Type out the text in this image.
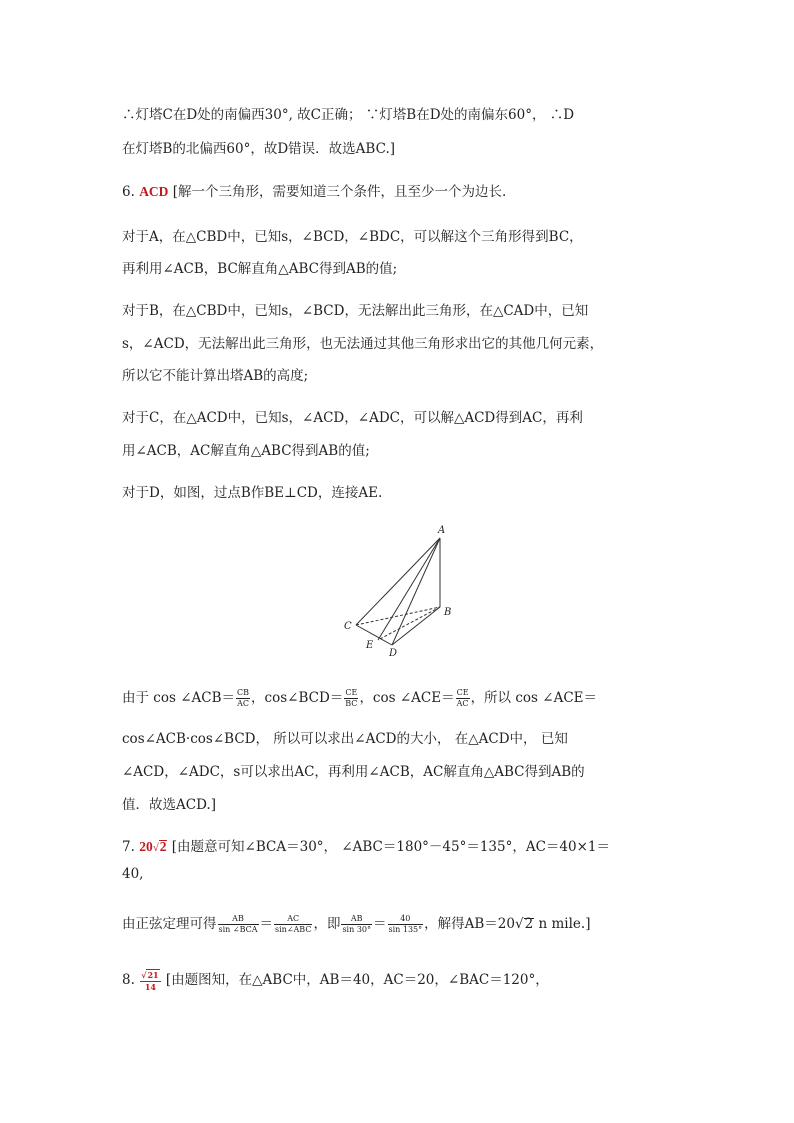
∴灯塔C在D处的南偏西30°, 故C正确； ∵灯塔B在D处的南偏东60°， ∴D
在灯塔B的北偏西60°，故D错误．故选ABC.]
6. ACD [解一个三角形，需要知道三个条件，且至少一个为边长.
对于A，在△CBD中，已知s，∠BCD，∠BDC，可以解这个三角形得到BC，
再利用∠ACB，BC解直角△ABC得到AB的值;
对于B，在△CBD中，已知s，∠BCD，无法解出此三角形，在△CAD中，已知
s，∠ACD，无法解出此三角形，也无法通过其他三角形求出它的其他几何元素，
所以它不能计算出塔AB的高度;
对于C，在△ACD中，已知s，∠ACD，∠ADC，可以解△ACD得到AC，再利
用∠ACB，AC解直角△ABC得到AB的值;
对于D，如图，过点B作BE⊥CD，连接AE.
A
B
C
E
D
由于 cos ∠ACB＝ $\frac{CB}{AC}$ ，cos∠BCD＝ $\frac{CE}{BC}$ ，cos ∠ACE＝ $\frac{CE}{AC}$ ，所以 cos ∠ACE＝
cos∠ACB·cos∠BCD， 所以可以求出∠ACD的大小， 在△ACD中， 已知
∠ACD，∠ADC，s可以求出AC，再利用∠ACB，AC解直角△ABC得到AB的
值．故选ACD.]
7. 20√2 [由题意可知∠BCA＝30°， ∠ABC＝180°－45°＝135°，AC＝40×1＝
40,
由正弦定理可得 $\frac{AB}{\text{sin ∠BCA}} = \frac{AC}{\text{sin∠ABC}}$ ，即 $\frac{AB}{\sin 30^\circ} = \frac{40}{\sin 135^\circ}$ ，解得AB＝20√2 n mile.]
8. $\frac{√21}{14}$ [由题图知，在△ABC中，AB＝40，AC＝20，∠BAC＝120°，
